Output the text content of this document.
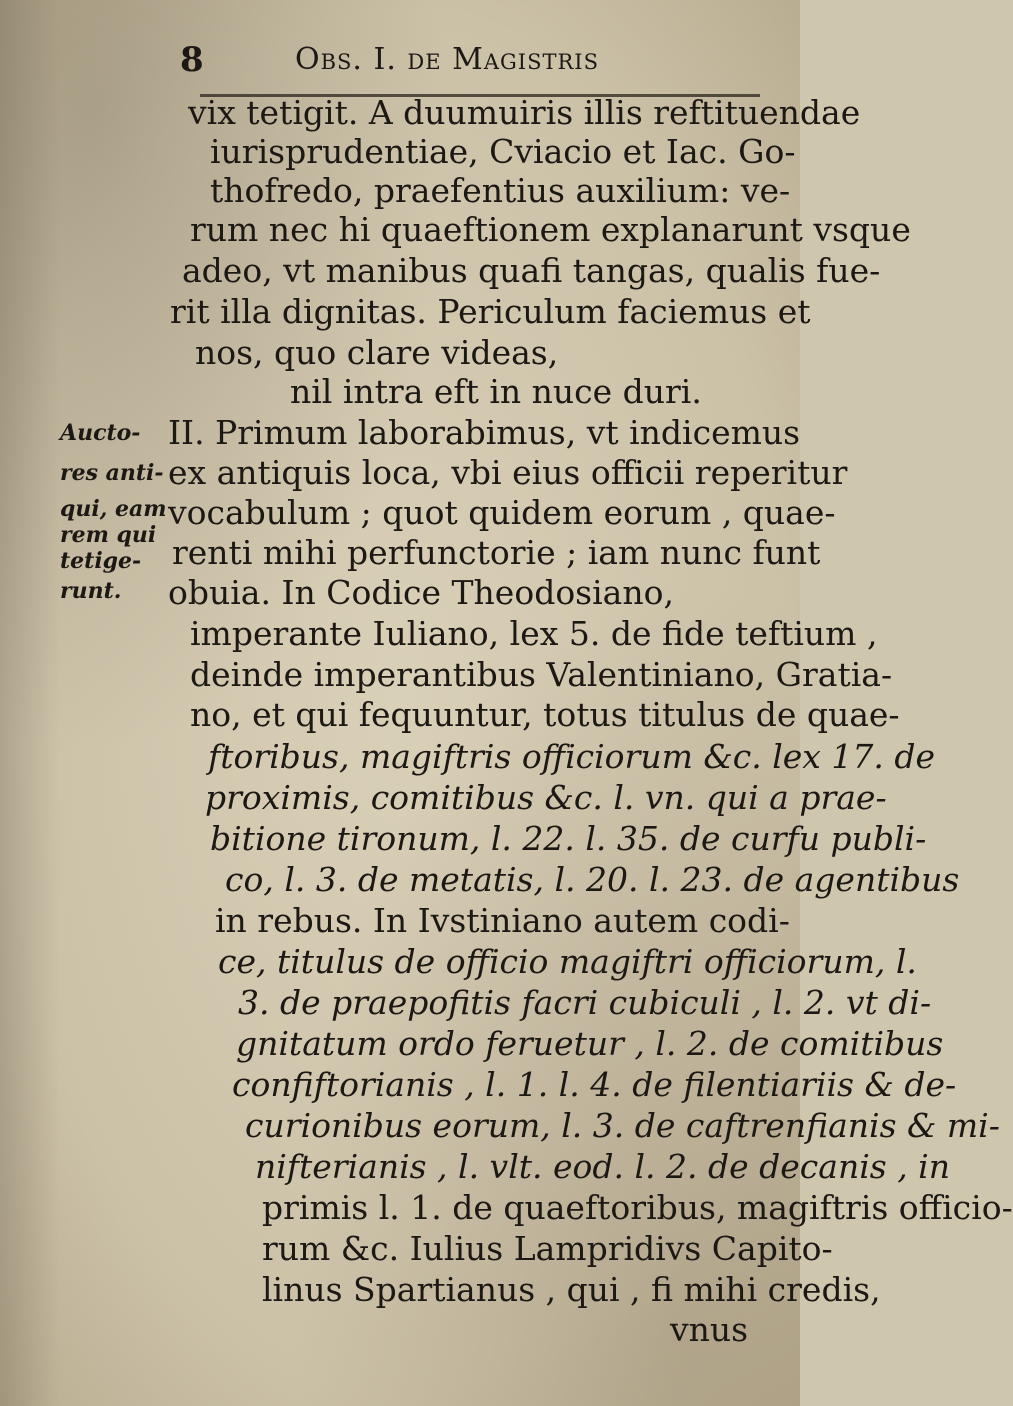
8	Obs. I. de Magistris
vix tetigit. A duumuiris illis reftituendae
iurisprudentiae, Cviacio et Iac. Go-
thofredo, praefentius auxilium: ve-
rum nec hi quaeftionem explanarunt vsque
adeo, vt manibus quafi tangas, qualis fue-
rit illa dignitas. Periculum faciemus et
nos, quo clare videas,
nil intra eft in nuce duri.
II. Primum laborabimus, vt indicemus
ex antiquis loca, vbi eius officii reperitur
vocabulum ; quot quidem eorum , quae-
renti mihi perfunctorie ; iam nunc funt
obuia. In Codice Theodosiano,
imperante Iuliano, lex 5. de fide teftium ,
deinde imperantibus Valentiniano, Gratia-
no, et qui fequuntur, totus titulus de quae-
ftoribus, magiftris officiorum &c. lex 17. de
proximis, comitibus &c. l. vn. qui a prae-
bitione tironum, l. 22. l. 35. de curfu publi-
co, l. 3. de metatis, l. 20. l. 23. de agentibus
in rebus. In Ivstiniano autem codi-
ce, titulus de officio magiftri officiorum, l.
3. de praepofitis facri cubiculi , l. 2. vt di-
gnitatum ordo feruetur , l. 2. de comitibus
confiftorianis , l. 1. l. 4. de filentiariis & de-
curionibus eorum, l. 3. de caftrenfianis & mi-
nifterianis , l. vlt. eod. l. 2. de decanis , in
primis l. 1. de quaeftoribus, magiftris officio-
rum &c. Iulius Lampridivs Capito-
linus Spartianus , qui , fi mihi credis,
vnus
Aucto-
res anti-
qui, eam
rem qui
tetige-
runt.
